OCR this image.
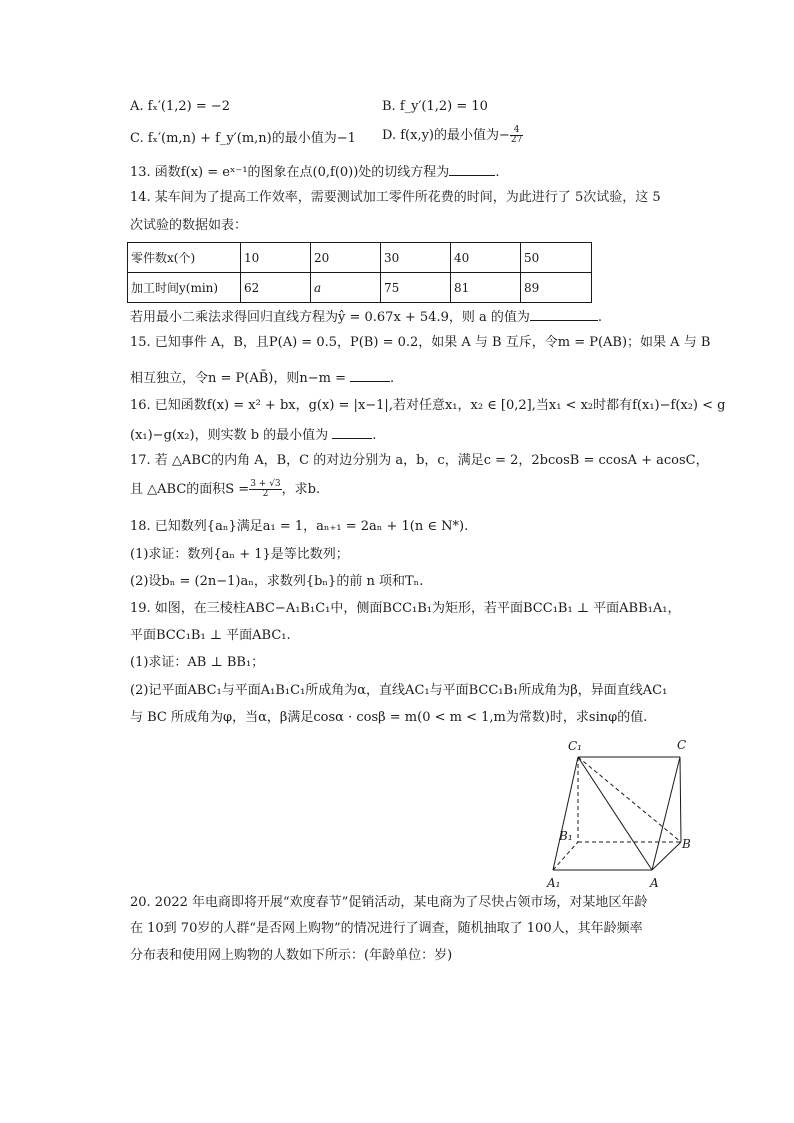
A. fₓ′(1,2) = −2	B. f_y′(1,2) = 10
C. fₓ′(m,n) + f_y′(m,n)的最小值为−1 D. f(x,y)的最小值为− $\frac{4}{27}$
13. 函数f(x) = eˣ⁻¹的图象在点(0,f(0))处的切线方程为	.
14. 某车间为了提高工作效率，需要测试加工零件所花费的时间，为此进行了 5次试验，这 5
次试验的数据如表：
零件数x(个)	10	20	30	40	50
加工时间y(min)	62	a	75	81	89
若用最小二乘法求得回归直线方程为ŷ = 0.67x + 54.9，则 a 的值为	.
15. 已知事件 A，B，且P(A) = 0.5，P(B) = 0.2，如果 A 与 B 互斥，令m = P(AB)；如果 A 与 B
相互独立，令n = P(AB̄)，则n−m =	.
16. 已知函数f(x) = x² + bx，g(x) = |x−1|,若对任意x₁，x₂ ∈ [0,2],当x₁ < x₂时都有f(x₁)−f(x₂) < g
(x₁)−g(x₂)，则实数 b 的最小值为	.
17. 若 △ABC的内角 A，B，C 的对边分别为 a，b，c，满足c = 2，2bcosB = ccosA + acosC，
且 △ABC的面积$S = \frac{3 + √3}{2}$ ，求b.
18. 已知数列{aₙ}满足a₁ = 1，aₙ₊₁ = 2aₙ + 1(n ∈ N*).
(1)求证：数列{aₙ + 1}是等比数列；
(2)设bₙ = (2n−1)aₙ，求数列{bₙ}的前 n 项和Tₙ.
19. 如图，在三棱柱ABC−A₁B₁C₁中，侧面BCC₁B₁为矩形，若平面BCC₁B₁ ⊥ 平面ABB₁A₁，
平面BCC₁B₁ ⊥ 平面ABC₁.
(1)求证：AB ⊥ BB₁；
(2)记平面ABC₁与平面A₁B₁C₁所成角为α，直线AC₁与平面BCC₁B₁所成角为β，异面直线AC₁
与 BC 所成角为φ，当α，β满足cosα · cosβ = m(0 < m < 1,m为常数)时，求sinφ的值.
C₁	C
B₁
B
A₁	A
20. 2022 年电商即将开展“欢度春节”促销活动，某电商为了尽快占领市场，对某地区年龄
在 10到 70岁的人群“是否网上购物”的情况进行了调查，随机抽取了 100人，其年龄频率
分布表和使用网上购物的人数如下所示：(年龄单位：岁)
